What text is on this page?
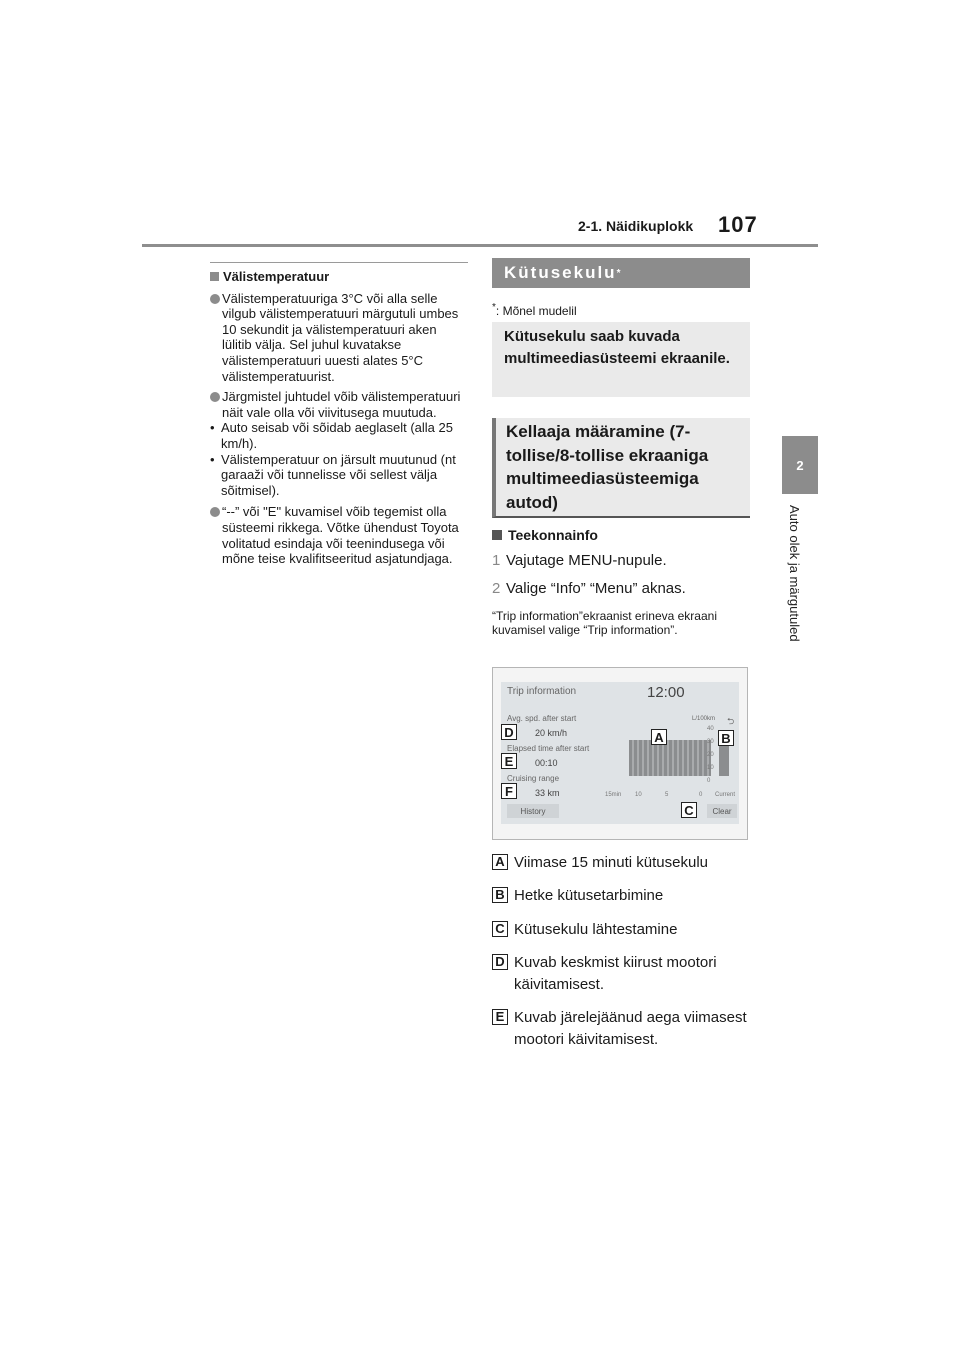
2-1. Näidikuplokk 107
2
Auto olek ja märgutuled
Välistemperatuur
Välistemperatuuriga 3°C või alla selle vilgub välistemperatuuri märgutuli umbes 10 sekundit ja välistemperatuuri aken lülitib välja. Sel juhul kuvatakse välistemperatuuri uuesti alates 5°C välistemperatuurist.
Järgmistel juhtudel võib välistemperatuuri näit vale olla või viivitusega muutuda.
• Auto seisab või sõidab aeglaselt (alla 25 km/h).
• Välistemperatuur on järsult muutunud (nt garaaži või tunnelisse või sellest välja sõitmisel).
“--” või "E" kuvamisel võib tegemist olla süsteemi rikkega. Võtke ühendust Toyota volitatud esindaja või teenindusega või mõne teise kvalifitseeritud asjatundjaga.
Kütusekulu *
*: Mõnel mudelil
Kütusekulu saab kuvada multimeediasüsteemi ekraanile.
Kellaaja määramine (7-tollise/8-tollise ekraaniga multimeediasüsteemiga autod)
Teekonnainfo
1 Vajutage MENU-nupule.
2 Valige “Info” “Menu” aknas.
“Trip information”ekraanist erineva ekraani kuvamisel valige “Trip information”.
Trip information	12:00
Avg. spd. after start
20 km/h
Elapsed time after start
00:10
Cruising range
33 km
L/100km ⮌
40
30
20
10
0
15min 10	5	0 Current
History	Clear
A	B
C
D
E
F
A Viimase 15 minuti kütusekulu
B Hetke kütusetarbimine
C Kütusekulu lähtestamine
D Kuvab keskmist kiirust mootori käivitamisest.
E Kuvab järelejäänud aega viimasest mootori käivitamisest.
